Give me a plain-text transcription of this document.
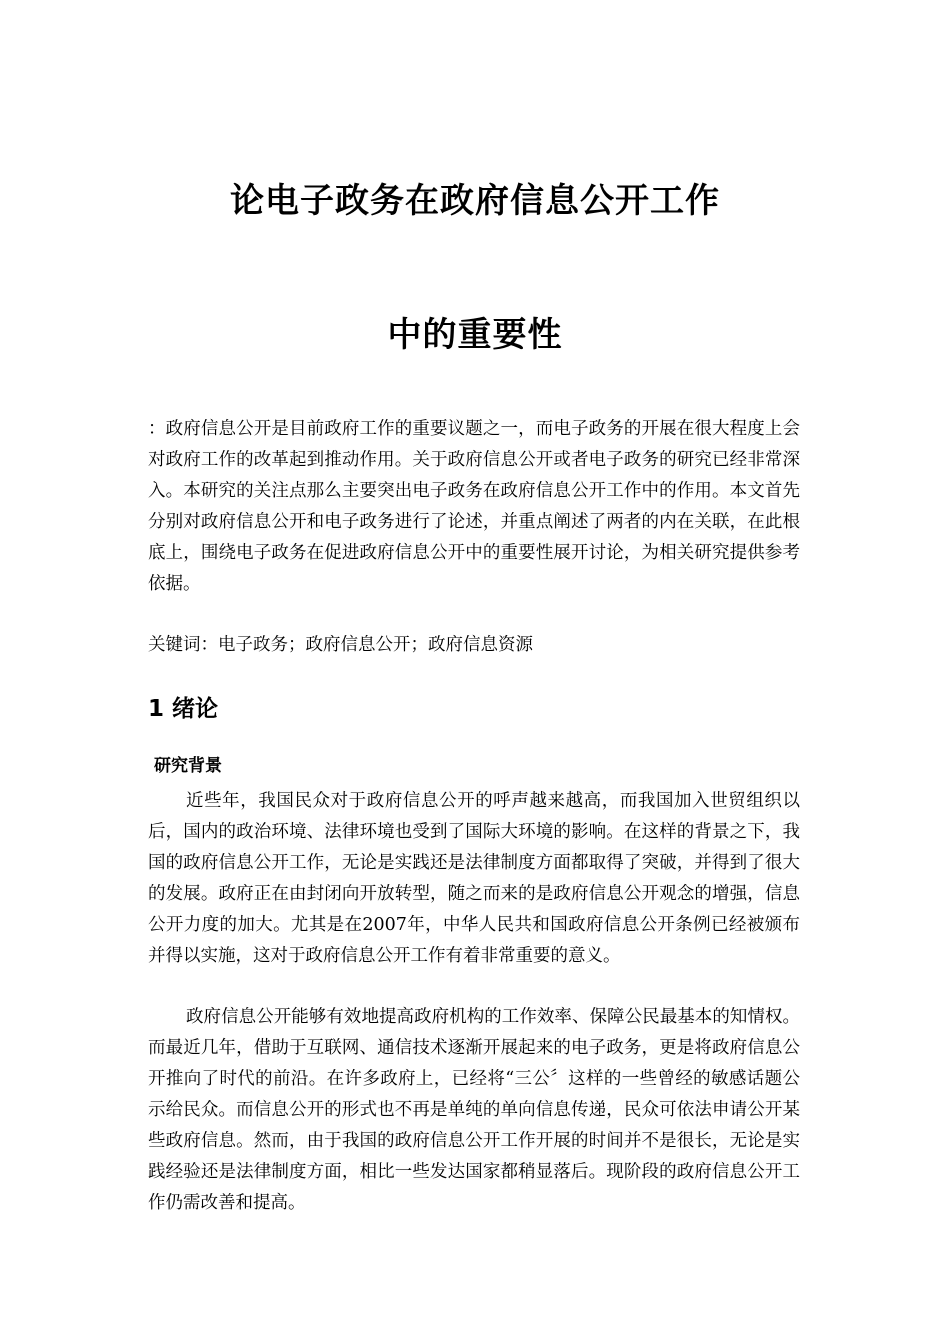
论电子政务在政府信息公开工作
中的重要性

：政府信息公开是目前政府工作的重要议题之一，而电子政务的开展在很大程度上会对政府工作的改革起到推动作用。关于政府信息公开或者电子政务的研究已经非常深入。本研究的关注点那么主要突出电子政务在政府信息公开工作中的作用。本文首先分别对政府信息公开和电子政务进行了论述，并重点阐述了两者的内在关联，在此根底上，围绕电子政务在促进政府信息公开中的重要性展开讨论，为相关研究提供参考依据。

关键词：电子政务；政府信息公开；政府信息资源

1 绪论
研究背景

近些年，我国民众对于政府信息公开的呼声越来越高，而我国加入世贸组织以后，国内的政治环境、法律环境也受到了国际大环境的影响。在这样的背景之下，我国的政府信息公开工作，无论是实践还是法律制度方面都取得了突破，并得到了很大的发展。政府正在由封闭向开放转型，随之而来的是政府信息公开观念的增强，信息公开力度的加大。尤其是在2007年，中华人民共和国政府信息公开条例已经被颁布并得以实施，这对于政府信息公开工作有着非常重要的意义。

政府信息公开能够有效地提高政府机构的工作效率、保障公民最基本的知情权。而最近几年，借助于互联网、通信技术逐渐开展起来的电子政务，更是将政府信息公开推向了时代的前沿。在许多政府上，已经将“三公〞这样的一些曾经的敏感话题公示给民众。而信息公开的形式也不再是单纯的单向信息传递，民众可依法申请公开某些政府信息。然而，由于我国的政府信息公开工作开展的时间并不是很长，无论是实践经验还是法律制度方面，相比一些发达国家都稍显落后。现阶段的政府信息公开工作仍需改善和提高。
